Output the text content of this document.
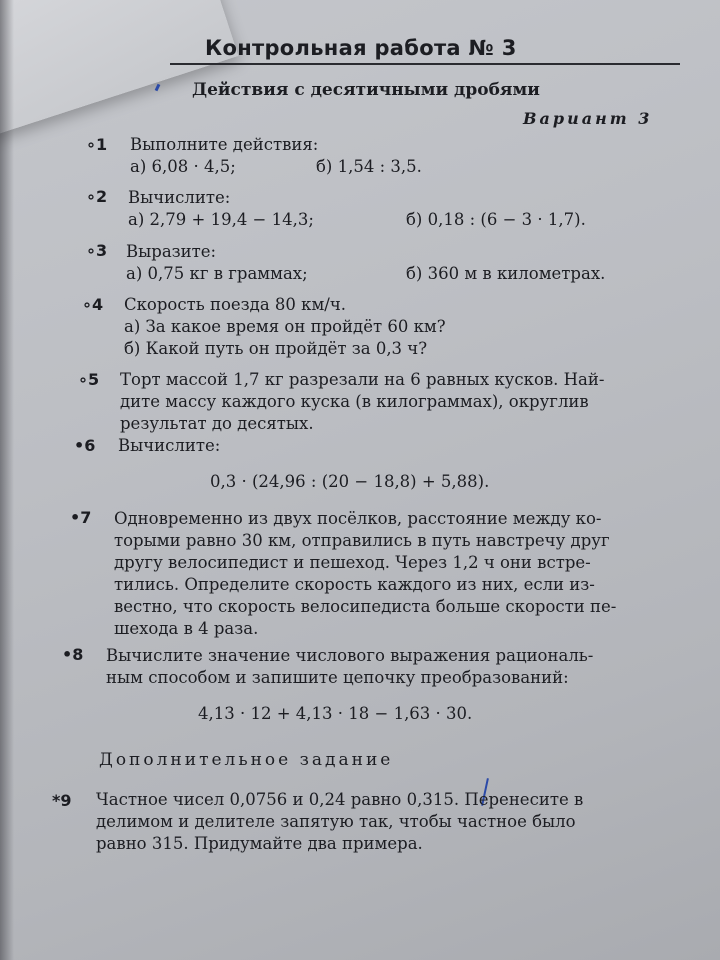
Контрольная работа № 3
Действия с десятичными дробями
Вариант 3
∘1 Выполните действия:
а) 6,08 · 4,5;	б) 1,54 : 3,5.
∘2 Вычислите:
а) 2,79 + 19,4 − 14,3;	б) 0,18 : (6 − 3 · 1,7).
∘3 Выразите:
а) 0,75 кг в граммах;	б) 360 м в километрах.
∘4 Скорость поезда 80 км/ч.
а) За какое время он пройдёт 60 км?
б) Какой путь он пройдёт за 0,3 ч?
∘5 Торт массой 1,7 кг разрезали на 6 равных кусков. Най-
дите массу каждого куска (в килограммах), округлив
результат до десятых.
•6 Вычислите:
0,3 · (24,96 : (20 − 18,8) + 5,88).
•7 Одновременно из двух посёлков, расстояние между ко-
торыми равно 30 км, отправились в путь навстречу друг
другу велосипедист и пешеход. Через 1,2 ч они встре-
тились. Определите скорость каждого из них, если из-
вестно, что скорость велосипедиста больше скорости пе-
шехода в 4 раза.
•8 Вычислите значение числового выражения рациональ-
ным способом и запишите цепочку преобразований:
4,13 · 12 + 4,13 · 18 − 1,63 · 30.
Дополнительное задание
*9 Частное чисел 0,0756 и 0,24 равно 0,315. Перенесите в
делимом и делителе запятую так, чтобы частное было
равно 315. Придумайте два примера.
